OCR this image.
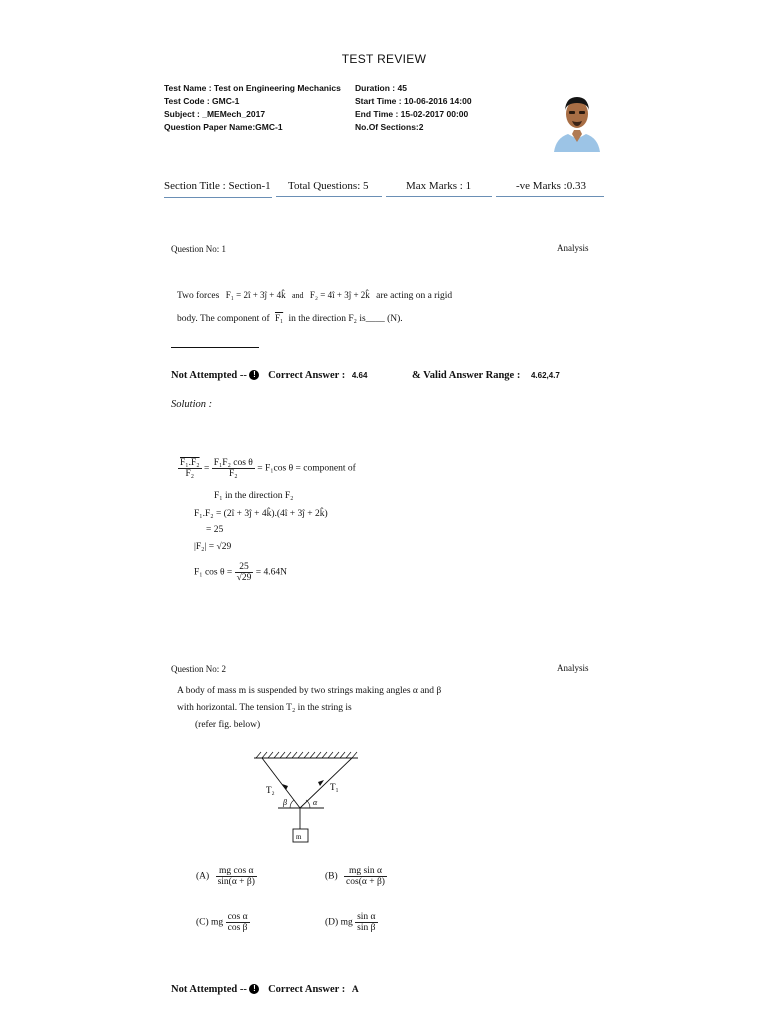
TEST REVIEW
Test Name : Test on Engineering Mechanics
Test Code : GMC-1
Subject : _MEMech_2017
Question Paper Name:GMC-1
Duration : 45
Start Time : 10-06-2016 14:00
End Time : 15-02-2017 00:00
No.Of Sections:2
Section Title : Section-1	Total Questions: 5	Max Marks : 1	-ve Marks :0.33
Question No: 1	Analysis
Two forces F₁ = 2î + 3ĵ + 4k̂ and F₂ = 4î + 3ĵ + 2k̂ are acting on a rigid
body. The component of F₁ in the direction F₂ is____ (N).
Not Attempted -- ! Correct Answer : 4.64	& Valid Answer Range : 4.62,4.7
Solution :
$\frac{\text{F₁.F₂}}{\text{F₂}} = \frac{\text{F₁F₂ cos θ}}{\text{F₂}} = F_1\cos$ θ = component of
F₁ in the direction F₂
F₁.F₂ = (2î + 3ĵ + 4k̂).(4î + 3ĵ + 2k̂)
= 25
|F₂| = √29
F₁ $\cos \theta = \frac{25}{√29} = 4.64N$
Question No: 2	Analysis
A body of mass m is suspended by two strings making angles α and β
with horizontal. The tension T₂ in the string is
(refer fig. below)
T₂	T₁
β	α
m
$(A) \frac{\text{mg cos α}}{\sin(\alpha + \beta)}$	$(B) \frac{\text{mg sin α}}{\cos(\alpha + \beta)}$
(C) mg $\frac{\text{cos α}}{\text{cos β}}$	(D) mg $\frac{\text{sin α}}{\text{sin β}}$
Not Attempted -- ! Correct Answer : A
